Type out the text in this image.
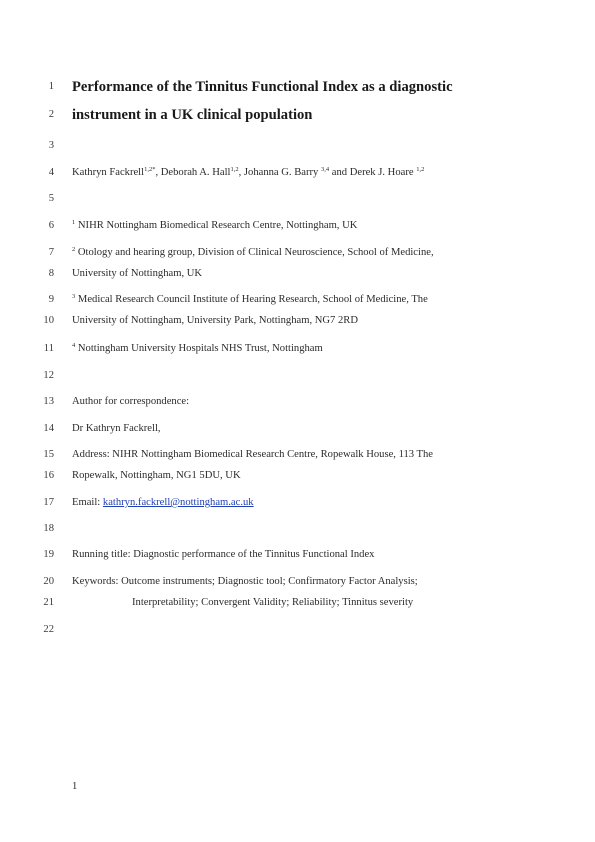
1 Performance of the Tinnitus Functional Index as a diagnostic
2 instrument in a UK clinical population
3
4 Kathryn Fackrell$^{1,2*}$, Deborah A. Hall$^{1,2}$, Johanna G. Barry $^{3,4}$ and Derek J. Hoare $^{1,2}$
5
6	$^1$ NIHR Nottingham Biomedical Research Centre, Nottingham, UK
7	$^2$ Otology and hearing group, Division of Clinical Neuroscience, School of Medicine,
8 University of Nottingham, UK
9	$^3$ Medical Research Council Institute of Hearing Research, School of Medicine, The
10 University of Nottingham, University Park, Nottingham, NG7 2RD
11	$^4$ Nottingham University Hospitals NHS Trust, Nottingham
12
13 Author for correspondence:
14 Dr Kathryn Fackrell,
15 Address: NIHR Nottingham Biomedical Research Centre, Ropewalk House, 113 The
16 Ropewalk, Nottingham, NG1 5DU, UK
17 Email: kathryn.fackrell@nottingham.ac.uk
18
19 Running title: Diagnostic performance of the Tinnitus Functional Index
20 Keywords: Outcome instruments; Diagnostic tool; Confirmatory Factor Analysis;
21	Interpretability; Convergent Validity; Reliability; Tinnitus severity
22
1
